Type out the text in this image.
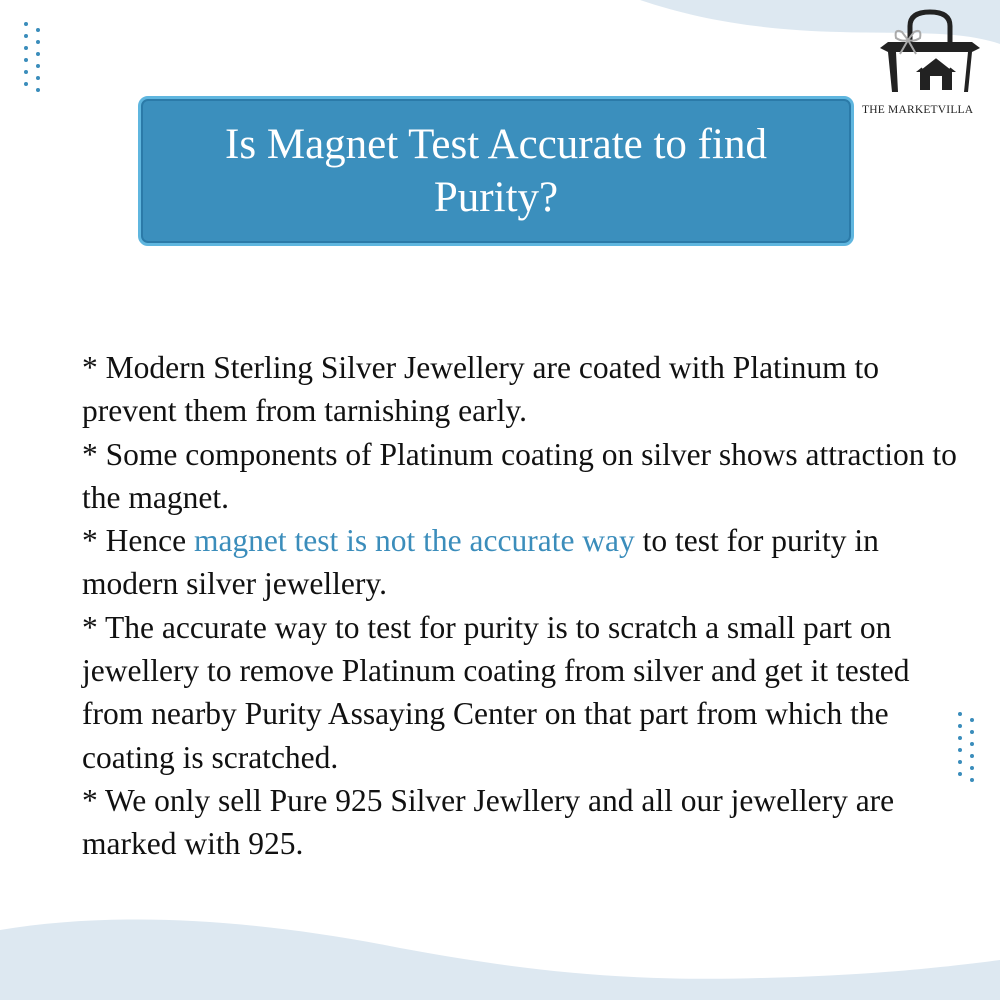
THE MARKETVILLA
Is Magnet Test Accurate to find Purity?

* Modern Sterling Silver Jewellery are coated with Platinum to prevent them from tarnishing early.

* Some components of Platinum coating on silver shows attraction to the magnet.

* Hence magnet test is not the accurate way to test for purity in modern silver jewellery.

* The accurate way to test for purity is to scratch a small part on jewellery to remove Platinum coating from silver and get it tested from nearby Purity Assaying Center on that part from which the coating is scratched.

* We only sell Pure 925 Silver Jewllery and all our jewellery are marked with 925.
